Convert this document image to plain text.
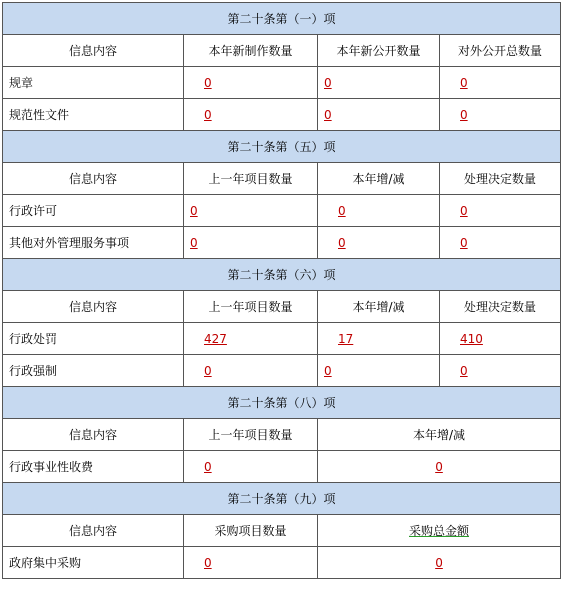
第二十条第（一）项			
信息内容	本年新制作数量	本年新公开数量	对外公开总数量
规章	0	0	0
规范性文件	0	0	0
第二十条第（五）项			
信息内容	上一年项目数量	本年增/减	处理决定数量
行政许可	0	0	0
其他对外管理服务事项	0	0	0
第二十条第（六）项			
信息内容	上一年项目数量	本年增/减	处理决定数量
行政处罚	427	17	410
行政强制	0	0	0
第二十条第（八）项			
信息内容	上一年项目数量	本年增/减	
行政事业性收费	0	0	
第二十条第（九）项			
信息内容	采购项目数量	采购总金额	
政府集中采购	0	0	
